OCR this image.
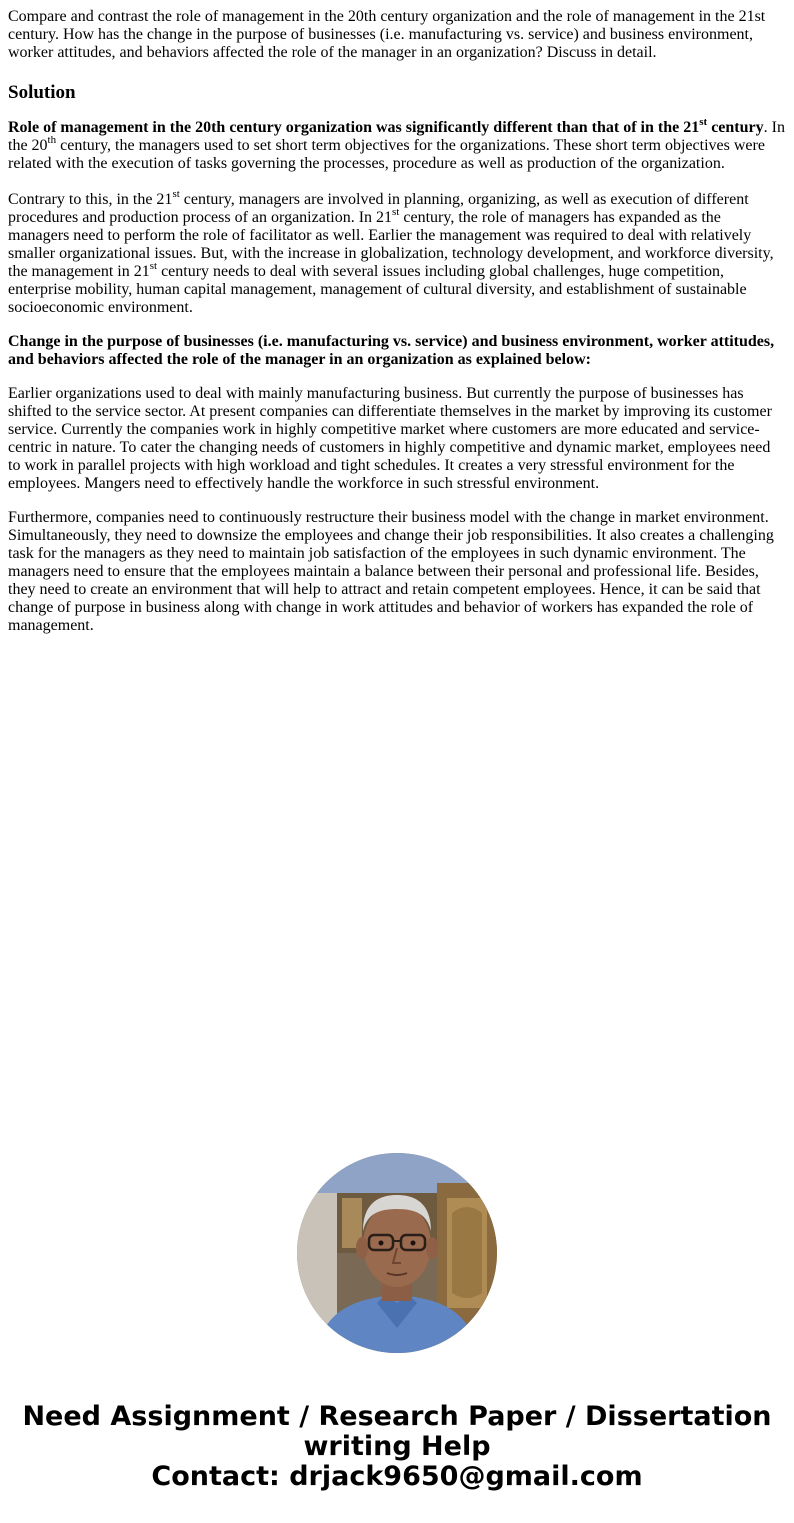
Compare and contrast the role of management in the 20th century organization and the role of management in the 21st century. How has the change in the purpose of businesses (i.e. manufacturing vs. service) and business environment, worker attitudes, and behaviors affected the role of the manager in an organization? Discuss in detail.

Solution

Role of management in the 20th century organization was significantly different than that of in the 21st century. In the 20th century, the managers used to set short term objectives for the organizations. These short term objectives were related with the execution of tasks governing the processes, procedure as well as production of the organization.

Contrary to this, in the 21st century, managers are involved in planning, organizing, as well as execution of different procedures and production process of an organization. In 21st century, the role of managers has expanded as the managers need to perform the role of facilitator as well. Earlier the management was required to deal with relatively smaller organizational issues. But, with the increase in globalization, technology development, and workforce diversity, the management in 21st century needs to deal with several issues including global challenges, huge competition, enterprise mobility, human capital management, management of cultural diversity, and establishment of sustainable socioeconomic environment.

Change in the purpose of businesses (i.e. manufacturing vs. service) and business environment, worker attitudes, and behaviors affected the role of the manager in an organization as explained below:

Earlier organizations used to deal with mainly manufacturing business. But currently the purpose of businesses has shifted to the service sector. At present companies can differentiate themselves in the market by improving its customer service. Currently the companies work in highly competitive market where customers are more educated and service-centric in nature. To cater the changing needs of customers in highly competitive and dynamic market, employees need to work in parallel projects with high workload and tight schedules. It creates a very stressful environment for the employees. Mangers need to effectively handle the workforce in such stressful environment.

Furthermore, companies need to continuously restructure their business model with the change in market environment. Simultaneously, they need to downsize the employees and change their job responsibilities. It also creates a challenging task for the managers as they need to maintain job satisfaction of the employees in such dynamic environment. The managers need to ensure that the employees maintain a balance between their personal and professional life. Besides, they need to create an environment that will help to attract and retain competent employees. Hence, it can be said that change of purpose in business along with change in work attitudes and behavior of workers has expanded the role of management.

Need Assignment / Research Paper / Dissertation
writing Help
Contact: drjack9650@gmail.com
